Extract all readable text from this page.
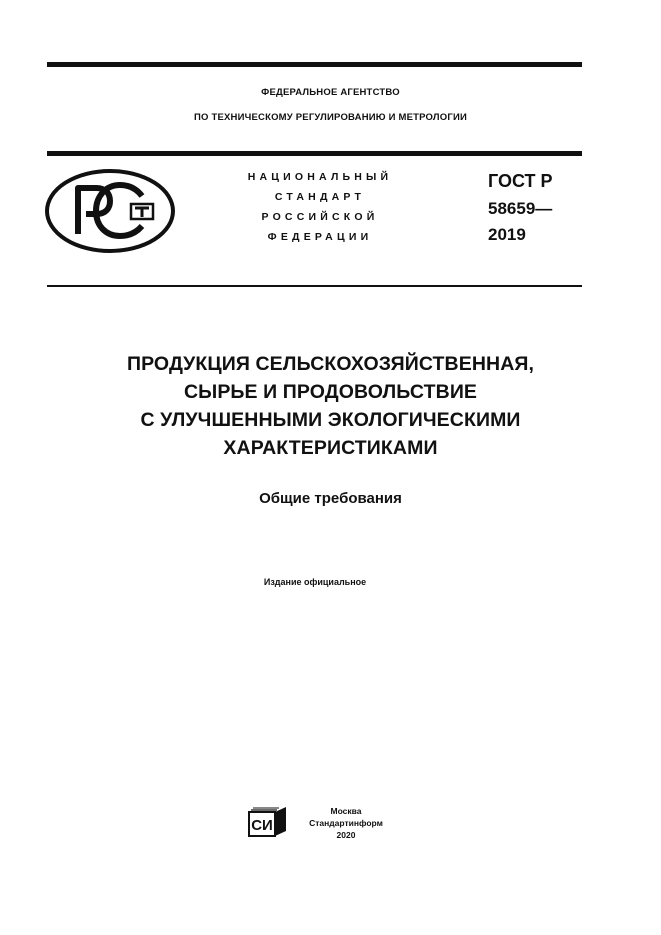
ФЕДЕРАЛЬНОЕ АГЕНТСТВО
ПО ТЕХНИЧЕСКОМУ РЕГУЛИРОВАНИЮ И МЕТРОЛОГИИ
НАЦИОНАЛЬНЫЙ
СТАНДАРТ
РОССИЙСКОЙ
ФЕДЕРАЦИИ
ГОСТ Р
58659—
2019
ПРОДУКЦИЯ СЕЛЬСКОХОЗЯЙСТВЕННАЯ,
СЫРЬЕ И ПРОДОВОЛЬСТВИЕ
С УЛУЧШЕННЫМИ ЭКОЛОГИЧЕСКИМИ
ХАРАКТЕРИСТИКАМИ
Общие требования
Издание официальное
СИ
Москва
Стандартинформ
2020
